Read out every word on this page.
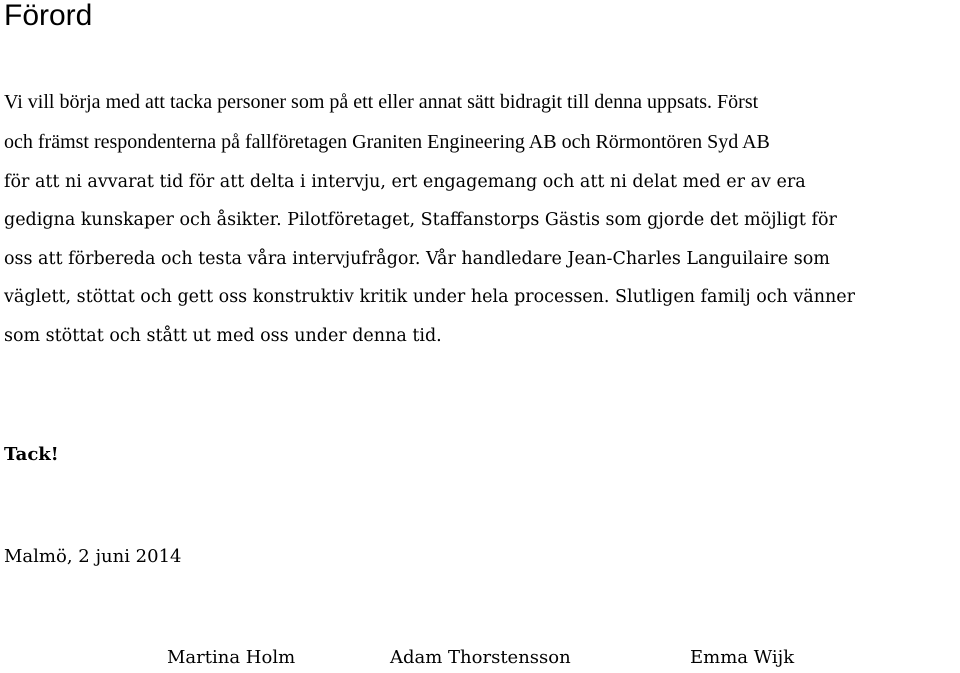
Förord

Vi vill börja med att tacka personer som på ett eller annat sätt bidragit till denna uppsats. Först

och främst respondenterna på fallföretagen Graniten Engineering AB och Rörmontören Syd AB

för att ni avvarat tid för att delta i intervju, ert engagemang och att ni delat med er av era

gedigna kunskaper och åsikter. Pilotföretaget, Staffanstorps Gästis som gjorde det möjligt för

oss att förbereda och testa våra intervjufrågor. Vår handledare Jean-Charles Languilaire som

väglett, stöttat och gett oss konstruktiv kritik under hela processen. Slutligen familj och vänner

som stöttat och stått ut med oss under denna tid.

Tack!

Malmö, 2 juni 2014

Martina Holm	Adam Thorstensson	Emma Wijk
